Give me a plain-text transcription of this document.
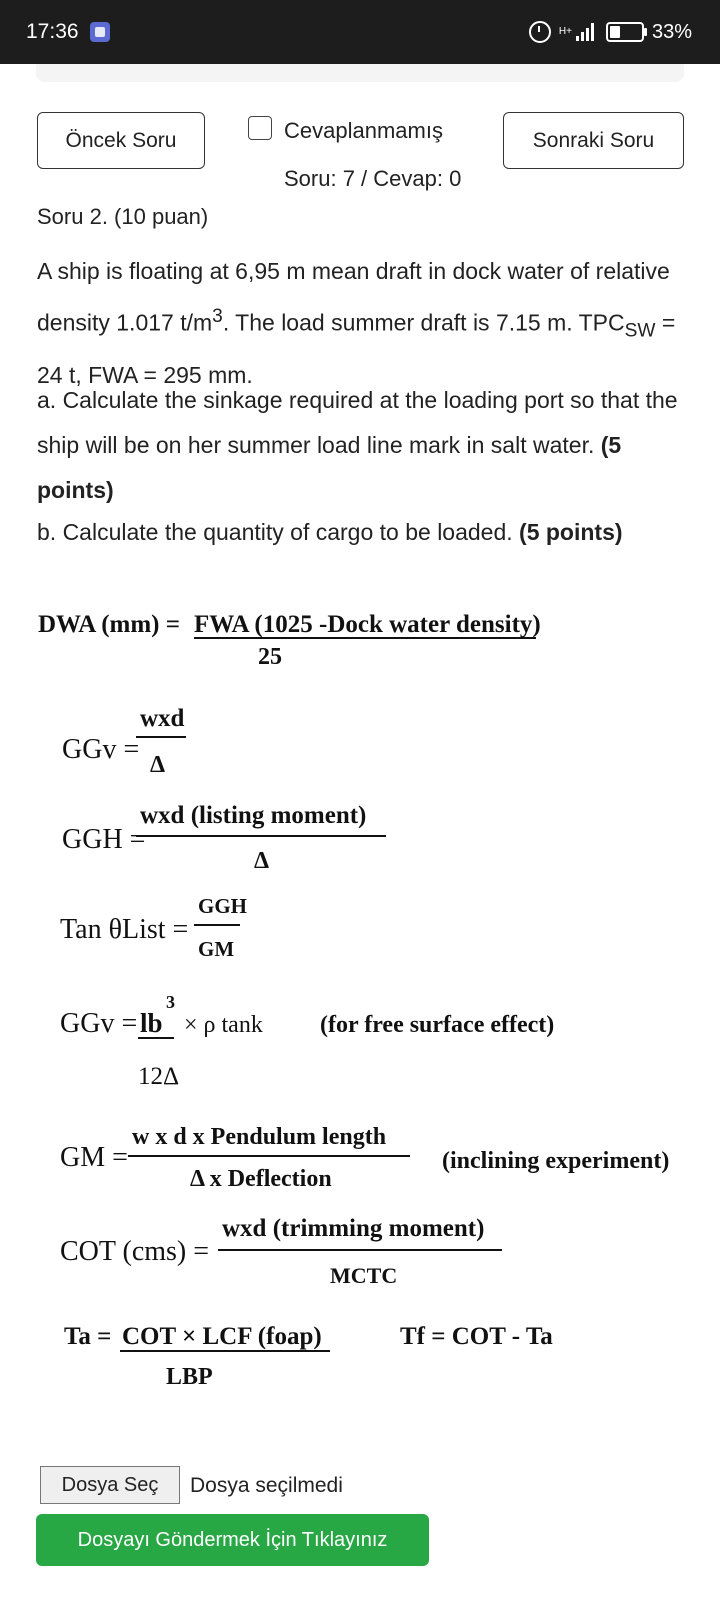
17:36	H+	33%
Öncek Soru	Cevaplanmamış	Sonraki Soru
Soru: 7 / Cevap: 0
Soru 2. (10 puan)
A ship is floating at 6,95 m mean draft in dock water of relative density 1.017 $t/m^3$. The load summer draft is 7.15 m. $TPC_{SW} = 24$ t, FWA = 295 mm.
a. Calculate the sinkage required at the loading port so that the ship will be on her summer load line mark in salt water. (5 points)
b. Calculate the quantity of cargo to be loaded. (5 points)
DWA (mm) = FWA (1025 -Dock water density)
25
GGv =
wxd
Δ
GGH =
wxd (listing moment)
Δ
Tan θList =
GGH
GM
GGv = lb
3
× ρ tank
12Δ
(for free surface effect)
GM =
w x d x Pendulum length
Δ x Deflection
(inclining experiment)
COT (cms) =
wxd (trimming moment)
MCTC
Ta = COT × LCF (foap)
LBP
Tf = COT - Ta
Dosya Seç	Dosya seçilmedi
Dosyayı Göndermek İçin Tıklayınız
